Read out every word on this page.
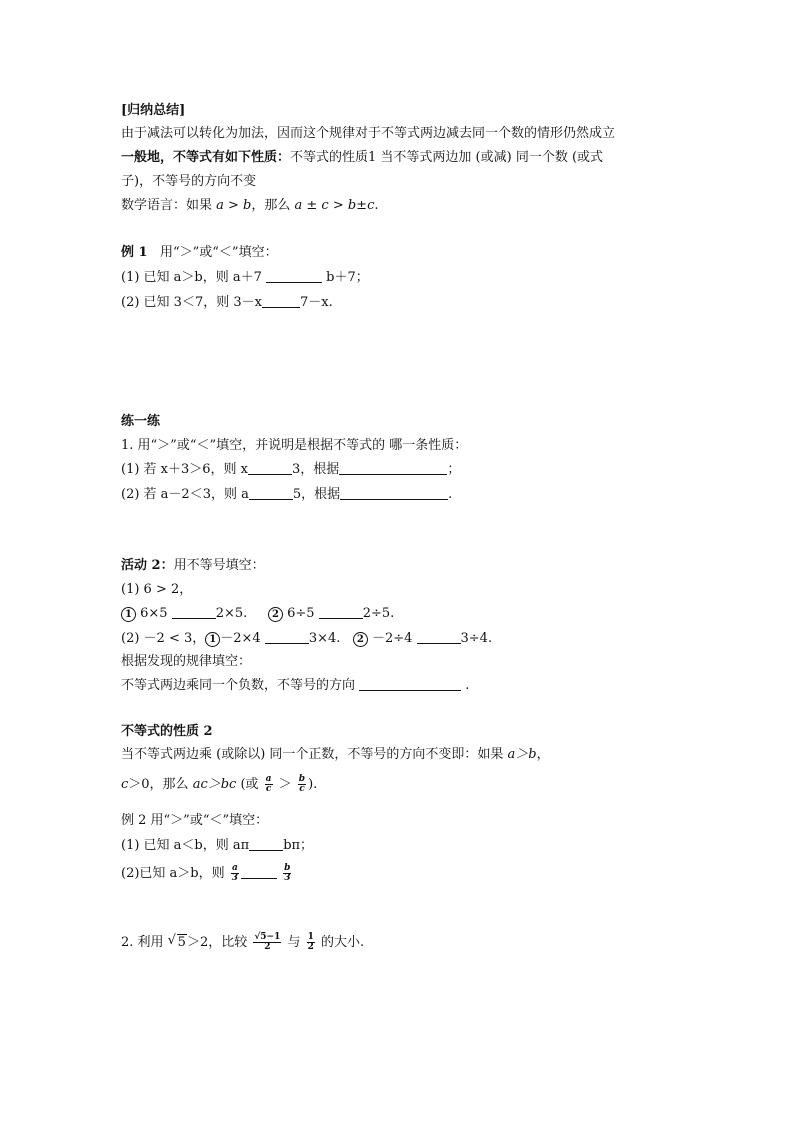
[归纳总结]
由于减法可以转化为加法，因而这个规律对于不等式两边减去同一个数的情形仍然成立
一般地，不等式有如下性质：不等式的性质1 当不等式两边加 (或减) 同一个数 (或式
子)，不等号的方向不变
数学语言：如果 a > b，那么 a ± c > b±c.
例 1 用“＞”或“＜”填空：
(1) 已知 a＞b，则 a＋7	b＋7；
(2) 已知 3＜7，则 3－x	7－x.
练一练
1. 用“＞”或“＜”填空，并说明是根据不等式的 哪一条性质：
(1) 若 x＋3＞6，则 x	3，根据	；
(2) 若 a－2＜3，则 a	5，根据	.
活动 2：用不等号填空：
(1) 6 > 2，
1 6×5	2×5. 2 6÷5	2÷5.
(2) －2 < 3， 1 －2×4	3×4. 2 －2÷4	3÷4.
根据发现的规律填空：
不等式两边乘同一个负数，不等号的方向	.
不等式的性质 2
当不等式两边乘 (或除以) 同一个正数，不等号的方向不变即：如果 a＞b，
c＞0，那么 ac＞bc (或 $\frac{a}{c} > \frac{b}{c}$ ).
例 2 用“＞”或“＜”填空：
(1) 已知 a＜b，则 aπ	bπ；
(2)已知 a＞b，则 $\frac{a}{3}$
	$\frac{b}{3}$
2. 利用 √ 5＞2，比较 $\frac{√5-1}{2}$ 与 $\frac{1}{2}$ 的大小.
